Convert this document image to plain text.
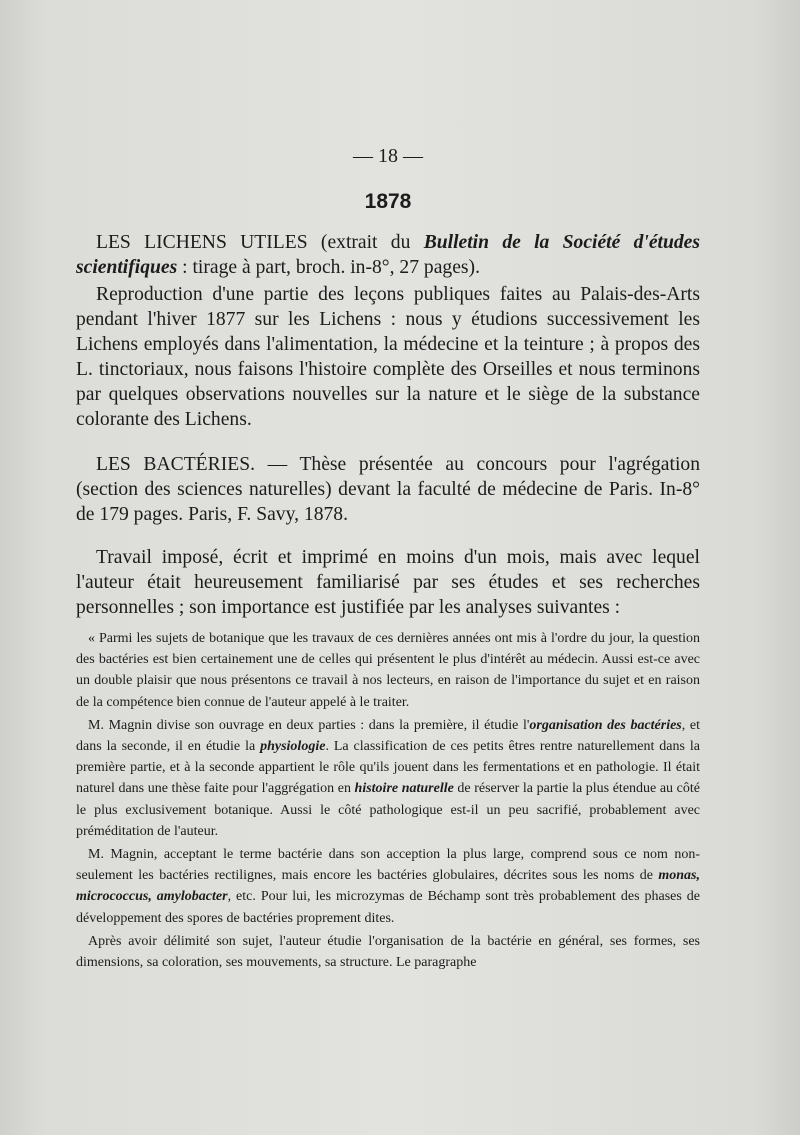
— 18 —
1878

LES LICHENS UTILES (extrait du Bulletin de la Société d'études scientifiques : tirage à part, broch. in-8°, 27 pages).

Reproduction d'une partie des leçons publiques faites au Palais-des-Arts pendant l'hiver 1877 sur les Lichens : nous y étudions successivement les Lichens employés dans l'alimentation, la médecine et la teinture ; à propos des L. tinctoriaux, nous faisons l'histoire complète des Orseilles et nous terminons par quelques observations nouvelles sur la nature et le siège de la substance colorante des Lichens.

LES BACTÉRIES. — Thèse présentée au concours pour l'agrégation (section des sciences naturelles) devant la faculté de médecine de Paris. In-8° de 179 pages. Paris, F. Savy, 1878.

Travail imposé, écrit et imprimé en moins d'un mois, mais avec lequel l'auteur était heureusement familiarisé par ses études et ses recherches personnelles ; son importance est justifiée par les analyses suivantes :

« Parmi les sujets de botanique que les travaux de ces dernières années ont mis à l'ordre du jour, la question des bactéries est bien certainement une de celles qui présentent le plus d'intérêt au médecin. Aussi est-ce avec un double plaisir que nous présentons ce travail à nos lecteurs, en raison de l'importance du sujet et en raison de la compétence bien connue de l'auteur appelé à le traiter.

M. Magnin divise son ouvrage en deux parties : dans la première, il étudie l'organisation des bactéries, et dans la seconde, il en étudie la physiologie. La classification de ces petits êtres rentre naturellement dans la première partie, et à la seconde appartient le rôle qu'ils jouent dans les fermentations et en pathologie. Il était naturel dans une thèse faite pour l'aggrégation en histoire naturelle de réserver la partie la plus étendue au côté le plus exclusivement botanique. Aussi le côté pathologique est-il un peu sacrifié, probablement avec préméditation de l'auteur.

M. Magnin, acceptant le terme bactérie dans son acception la plus large, comprend sous ce nom non-seulement les bactéries rectilignes, mais encore les bactéries globulaires, décrites sous les noms de monas, micrococcus, amylobacter, etc. Pour lui, les microzymas de Béchamp sont très probablement des phases de développement des spores de bactéries proprement dites.

Après avoir délimité son sujet, l'auteur étudie l'organisation de la bactérie en général, ses formes, ses dimensions, sa coloration, ses mouvements, sa structure. Le paragraphe
